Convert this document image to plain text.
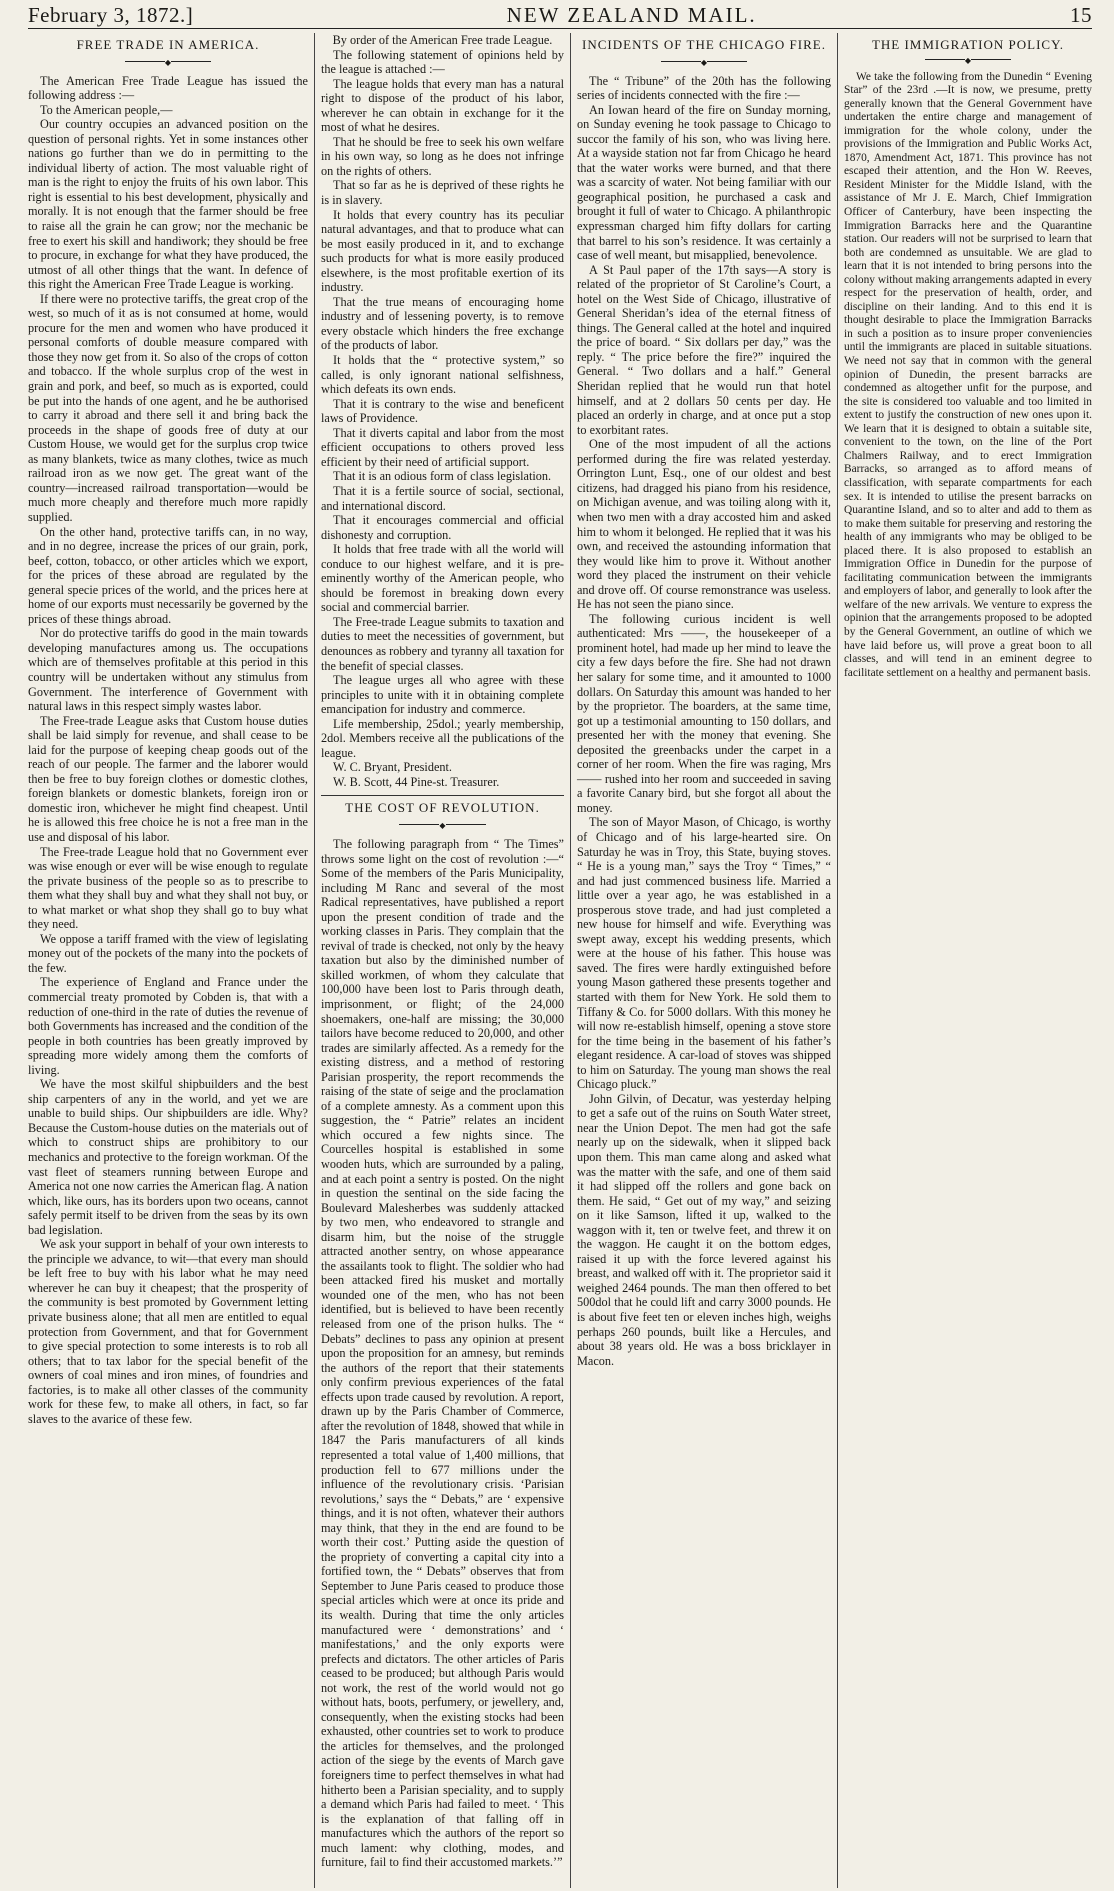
February 3, 1872.]	NEW ZEALAND MAIL.	15
FREE TRADE IN AMERICA.
◆

The American Free Trade League has issued the following address :—

To the American people,—

Our country occupies an advanced position on the question of personal rights. Yet in some instances other nations go further than we do in permitting to the individual liberty of action. The most valuable right of man is the right to enjoy the fruits of his own labor. This right is essential to his best development, physically and morally. It is not enough that the farmer should be free to raise all the grain he can grow; nor the mechanic be free to exert his skill and handiwork; they should be free to procure, in exchange for what they have produced, the utmost of all other things that the want. In defence of this right the American Free Trade League is working.

If there were no protective tariffs, the great crop of the west, so much of it as is not consumed at home, would procure for the men and women who have produced it personal comforts of double measure compared with those they now get from it. So also of the crops of cotton and tobacco. If the whole surplus crop of the west in grain and pork, and beef, so much as is exported, could be put into the hands of one agent, and he be authorised to carry it abroad and there sell it and bring back the proceeds in the shape of goods free of duty at our Custom House, we would get for the surplus crop twice as many blankets, twice as many clothes, twice as much railroad iron as we now get. The great want of the country—increased railroad transportation—would be much more cheaply and therefore much more rapidly supplied.

On the other hand, protective tariffs can, in no way, and in no degree, increase the prices of our grain, pork, beef, cotton, tobacco, or other articles which we export, for the prices of these abroad are regulated by the general specie prices of the world, and the prices here at home of our exports must necessarily be governed by the prices of these things abroad.

Nor do protective tariffs do good in the main towards developing manufactures among us. The occupations which are of themselves profitable at this period in this country will be undertaken without any stimulus from Government. The interference of Government with natural laws in this respect simply wastes labor.

The Free-trade League asks that Custom house duties shall be laid simply for revenue, and shall cease to be laid for the purpose of keeping cheap goods out of the reach of our people. The farmer and the laborer would then be free to buy foreign clothes or domestic clothes, foreign blankets or domestic blankets, foreign iron or domestic iron, whichever he might find cheapest. Until he is allowed this free choice he is not a free man in the use and disposal of his labor.

The Free-trade League hold that no Government ever was wise enough or ever will be wise enough to regulate the private business of the people so as to prescribe to them what they shall buy and what they shall not buy, or to what market or what shop they shall go to buy what they need.

We oppose a tariff framed with the view of legislating money out of the pockets of the many into the pockets of the few.

The experience of England and France under the commercial treaty promoted by Cobden is, that with a reduction of one-third in the rate of duties the revenue of both Governments has increased and the condition of the people in both countries has been greatly improved by spreading more widely among them the comforts of living.

We have the most skilful shipbuilders and the best ship carpenters of any in the world, and yet we are unable to build ships. Our shipbuilders are idle. Why? Because the Custom-house duties on the materials out of which to construct ships are prohibitory to our mechanics and protective to the foreign workman. Of the vast fleet of steamers running between Europe and America not one now carries the American flag. A nation which, like ours, has its borders upon two oceans, cannot safely permit itself to be driven from the seas by its own bad legislation.

We ask your support in behalf of your own interests to the principle we advance, to wit—that every man should be left free to buy with his labor what he may need wherever he can buy it cheapest; that the prosperity of the community is best promoted by Government letting private business alone; that all men are entitled to equal protection from Government, and that for Government to give special protection to some interests is to rob all others; that to tax labor for the special benefit of the owners of coal mines and iron mines, of foundries and factories, is to make all other classes of the community work for these few, to make all others, in fact, so far slaves to the avarice of these few.

By order of the American Free trade League.

The following statement of opinions held by the league is attached :—

The league holds that every man has a natural right to dispose of the product of his labor, wherever he can obtain in exchange for it the most of what he desires.

That he should be free to seek his own welfare in his own way, so long as he does not infringe on the rights of others.

That so far as he is deprived of these rights he is in slavery.

It holds that every country has its peculiar natural advantages, and that to produce what can be most easily produced in it, and to exchange such products for what is more easily produced elsewhere, is the most profitable exertion of its industry.

That the true means of encouraging home industry and of lessening poverty, is to remove every obstacle which hinders the free exchange of the products of labor.

It holds that the “ protective system,” so called, is only ignorant national selfishness, which defeats its own ends.

That it is contrary to the wise and beneficent laws of Providence.

That it diverts capital and labor from the most efficient occupations to others proved less efficient by their need of artificial support.

That it is an odious form of class legislation.

That it is a fertile source of social, sectional, and international discord.

That it encourages commercial and official dishonesty and corruption.

It holds that free trade with all the world will conduce to our highest welfare, and it is pre-eminently worthy of the American people, who should be foremost in breaking down every social and commercial barrier.

The Free-trade League submits to taxation and duties to meet the necessities of government, but denounces as robbery and tyranny all taxation for the benefit of special classes.

The league urges all who agree with these principles to unite with it in obtaining complete emancipation for industry and commerce.

Life membership, 25dol.; yearly membership, 2dol. Members receive all the publications of the league.

W. C. Bryant, President.

W. B. Scott, 44 Pine-st. Treasurer.

THE COST OF REVOLUTION.
◆

The following paragraph from “ The Times” throws some light on the cost of revolution :—“ Some of the members of the Paris Municipality, including M Ranc and several of the most Radical representatives, have published a report upon the present condition of trade and the working classes in Paris. They complain that the revival of trade is checked, not only by the heavy taxation but also by the diminished number of skilled workmen, of whom they calculate that 100,000 have been lost to Paris through death, imprisonment, or flight; of the 24,000 shoemakers, one-half are missing; the 30,000 tailors have become reduced to 20,000, and other trades are similarly affected. As a remedy for the existing distress, and a method of restoring Parisian prosperity, the report recommends the raising of the state of seige and the proclamation of a complete amnesty. As a comment upon this suggestion, the “ Patrie” relates an incident which occured a few nights since. The Courcelles hospital is established in some wooden huts, which are surrounded by a paling, and at each point a sentry is posted. On the night in question the sentinal on the side facing the Boulevard Malesherbes was suddenly attacked by two men, who endeavored to strangle and disarm him, but the noise of the struggle attracted another sentry, on whose appearance the assailants took to flight. The soldier who had been attacked fired his musket and mortally wounded one of the men, who has not been identified, but is believed to have been recently released from one of the prison hulks. The “ Debats” declines to pass any opinion at present upon the proposition for an amnesy, but reminds the authors of the report that their statements only confirm previous experiences of the fatal effects upon trade caused by revolution. A report, drawn up by the Paris Chamber of Commerce, after the revolution of 1848, showed that while in 1847 the Paris manufacturers of all kinds represented a total value of 1,400 millions, that production fell to 677 millions under the influence of the revolutionary crisis. ‘Parisian revolutions,’ says the “ Debats,” are ‘ expensive things, and it is not often, whatever their authors may think, that they in the end are found to be worth their cost.’ Putting aside the question of the propriety of converting a capital city into a fortified town, the “ Debats” observes that from September to June Paris ceased to produce those special articles which were at once its pride and its wealth. During that time the only articles manufactured were ‘ demonstrations’ and ‘ manifestations,’ and the only exports were prefects and dictators. The other articles of Paris ceased to be produced; but although Paris would not work, the rest of the world would not go without hats, boots, perfumery, or jewellery, and, consequently, when the existing stocks had been exhausted, other countries set to work to produce the articles for themselves, and the prolonged action of the siege by the events of March gave foreigners time to perfect themselves in what had hitherto been a Parisian speciality, and to supply a demand which Paris had failed to meet. ‘ This is the explanation of that falling off in manufactures which the authors of the report so much lament: why clothing, modes, and furniture, fail to find their accustomed markets.’”

INCIDENTS OF THE CHICAGO FIRE.
◆

The “ Tribune” of the 20th has the following series of incidents connected with the fire :—

An Iowan heard of the fire on Sunday morning, on Sunday evening he took passage to Chicago to succor the family of his son, who was living here. At a wayside station not far from Chicago he heard that the water works were burned, and that there was a scarcity of water. Not being familiar with our geographical position, he purchased a cask and brought it full of water to Chicago. A philanthropic expressman charged him fifty dollars for carting that barrel to his son’s residence. It was certainly a case of well meant, but misapplied, benevolence.

A St Paul paper of the 17th says—A story is related of the proprietor of St Caroline’s Court, a hotel on the West Side of Chicago, illustrative of General Sheridan’s idea of the eternal fitness of things. The General called at the hotel and inquired the price of board. “ Six dollars per day,” was the reply. “ The price before the fire?” inquired the General. “ Two dollars and a half.” General Sheridan replied that he would run that hotel himself, and at 2 dollars 50 cents per day. He placed an orderly in charge, and at once put a stop to exorbitant rates.

One of the most impudent of all the actions performed during the fire was related yesterday. Orrington Lunt, Esq., one of our oldest and best citizens, had dragged his piano from his residence, on Michigan avenue, and was toiling along with it, when two men with a dray accosted him and asked him to whom it belonged. He replied that it was his own, and received the astounding information that they would like him to prove it. Without another word they placed the instrument on their vehicle and drove off. Of course remonstrance was useless. He has not seen the piano since.

The following curious incident is well authenticated: Mrs ——, the housekeeper of a prominent hotel, had made up her mind to leave the city a few days before the fire. She had not drawn her salary for some time, and it amounted to 1000 dollars. On Saturday this amount was handed to her by the proprietor. The boarders, at the same time, got up a testimonial amounting to 150 dollars, and presented her with the money that evening. She deposited the greenbacks under the carpet in a corner of her room. When the fire was raging, Mrs —— rushed into her room and succeeded in saving a favorite Canary bird, but she forgot all about the money.

The son of Mayor Mason, of Chicago, is worthy of Chicago and of his large-hearted sire. On Saturday he was in Troy, this State, buying stoves. “ He is a young man,” says the Troy “ Times,” “ and had just commenced business life. Married a little over a year ago, he was established in a prosperous stove trade, and had just completed a new house for himself and wife. Everything was swept away, except his wedding presents, which were at the house of his father. This house was saved. The fires were hardly extinguished before young Mason gathered these presents together and started with them for New York. He sold them to Tiffany & Co. for 5000 dollars. With this money he will now re-establish himself, opening a stove store for the time being in the basement of his father’s elegant residence. A car-load of stoves was shipped to him on Saturday. The young man shows the real Chicago pluck.”

John Gilvin, of Decatur, was yesterday helping to get a safe out of the ruins on South Water street, near the Union Depot. The men had got the safe nearly up on the sidewalk, when it slipped back upon them. This man came along and asked what was the matter with the safe, and one of them said it had slipped off the rollers and gone back on them. He said, “ Get out of my way,” and seizing on it like Samson, lifted it up, walked to the waggon with it, ten or twelve feet, and threw it on the waggon. He caught it on the bottom edges, raised it up with the force levered against his breast, and walked off with it. The proprietor said it weighed 2464 pounds. The man then offered to bet 500dol that he could lift and carry 3000 pounds. He is about five feet ten or eleven inches high, weighs perhaps 260 pounds, built like a Hercules, and about 38 years old. He was a boss bricklayer in Macon.

THE IMMIGRATION POLICY.
◆

We take the following from the Dunedin “ Evening Star” of the 23rd .—It is now, we presume, pretty generally known that the General Government have undertaken the entire charge and management of immigration for the whole colony, under the provisions of the Immigration and Public Works Act, 1870, Amendment Act, 1871. This province has not escaped their attention, and the Hon W. Reeves, Resident Minister for the Middle Island, with the assistance of Mr J. E. March, Chief Immigration Officer of Canterbury, have been inspecting the Immigration Barracks here and the Quarantine station. Our readers will not be surprised to learn that both are condemned as unsuitable. We are glad to learn that it is not intended to bring persons into the colony without making arrangements adapted in every respect for the preservation of health, order, and discipline on their landing. And to this end it is thought desirable to place the Immigration Barracks in such a position as to insure proper conveniencies until the immigrants are placed in suitable situations. We need not say that in common with the general opinion of Dunedin, the present barracks are condemned as altogether unfit for the purpose, and the site is considered too valuable and too limited in extent to justify the construction of new ones upon it. We learn that it is designed to obtain a suitable site, convenient to the town, on the line of the Port Chalmers Railway, and to erect Immigration Barracks, so arranged as to afford means of classification, with separate compartments for each sex. It is intended to utilise the present barracks on Quarantine Island, and so to alter and add to them as to make them suitable for preserving and restoring the health of any immigrants who may be obliged to be placed there. It is also proposed to establish an Immigration Office in Dunedin for the purpose of facilitating communication between the immigrants and employers of labor, and generally to look after the welfare of the new arrivals. We venture to express the opinion that the arrangements proposed to be adopted by the General Government, an outline of which we have laid before us, will prove a great boon to all classes, and will tend in an eminent degree to facilitate settlement on a healthy and permanent basis.
